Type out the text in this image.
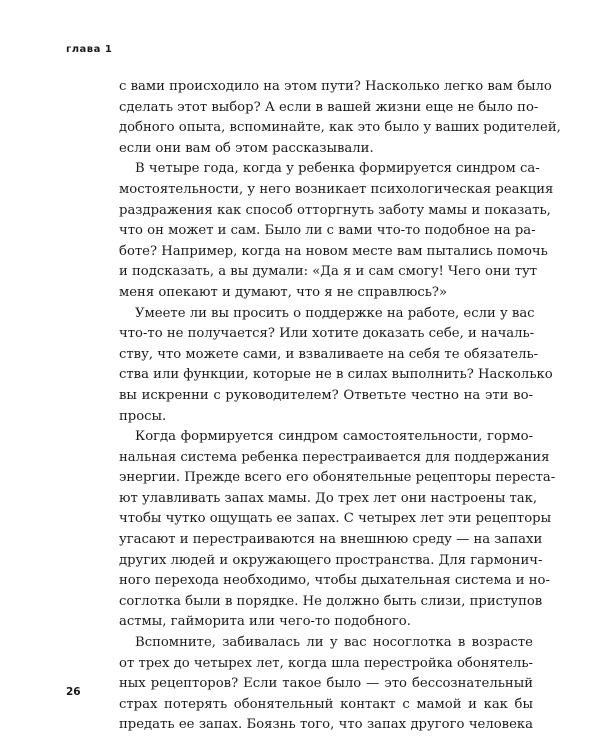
глава 1
с вами происходило на этом пути? Насколько легко вам было
сделать этот выбор? А если в вашей жизни еще не было по-
добного опыта, вспоминайте, как это было у ваших родителей,
если они вам об этом рассказывали.
В четыре года, когда у ребенка формируется синдром са-
мостоятельности, у него возникает психологическая реакция
раздражения как способ отторгнуть заботу мамы и показать,
что он может и сам. Было ли с вами что-то подобное на ра-
боте? Например, когда на новом месте вам пытались помочь
и подсказать, а вы думали: «Да я и сам смогу! Чего они тут
меня опекают и думают, что я не справлюсь?»
Умеете ли вы просить о поддержке на работе, если у вас
что-то не получается? Или хотите доказать себе, и началь-
ству, что можете сами, и взваливаете на себя те обязатель-
ства или функции, которые не в силах выполнить? Насколько
вы искренни с руководителем? Ответьте честно на эти во-
просы.
Когда формируется синдром самостоятельности, гормо-
нальная система ребенка перестраивается для поддержания
энергии. Прежде всего его обонятельные рецепторы переста-
ют улавливать запах мамы. До трех лет они настроены так,
чтобы чутко ощущать ее запах. С четырех лет эти рецепторы
угасают и перестраиваются на внешнюю среду — на запахи
других людей и окружающего пространства. Для гармонич-
ного перехода необходимо, чтобы дыхательная система и но-
соглотка были в порядке. Не должно быть слизи, приступов
астмы, гайморита или чего-то подобного.
Вспомните, забивалась ли у вас носоглотка в возрасте
от трех до четырех лет, когда шла перестройка обонятель-
ных рецепторов? Если такое было — это бессознательный
страх потерять обонятельный контакт с мамой и как бы
предать ее запах. Боязнь того, что запах другого человека
26
